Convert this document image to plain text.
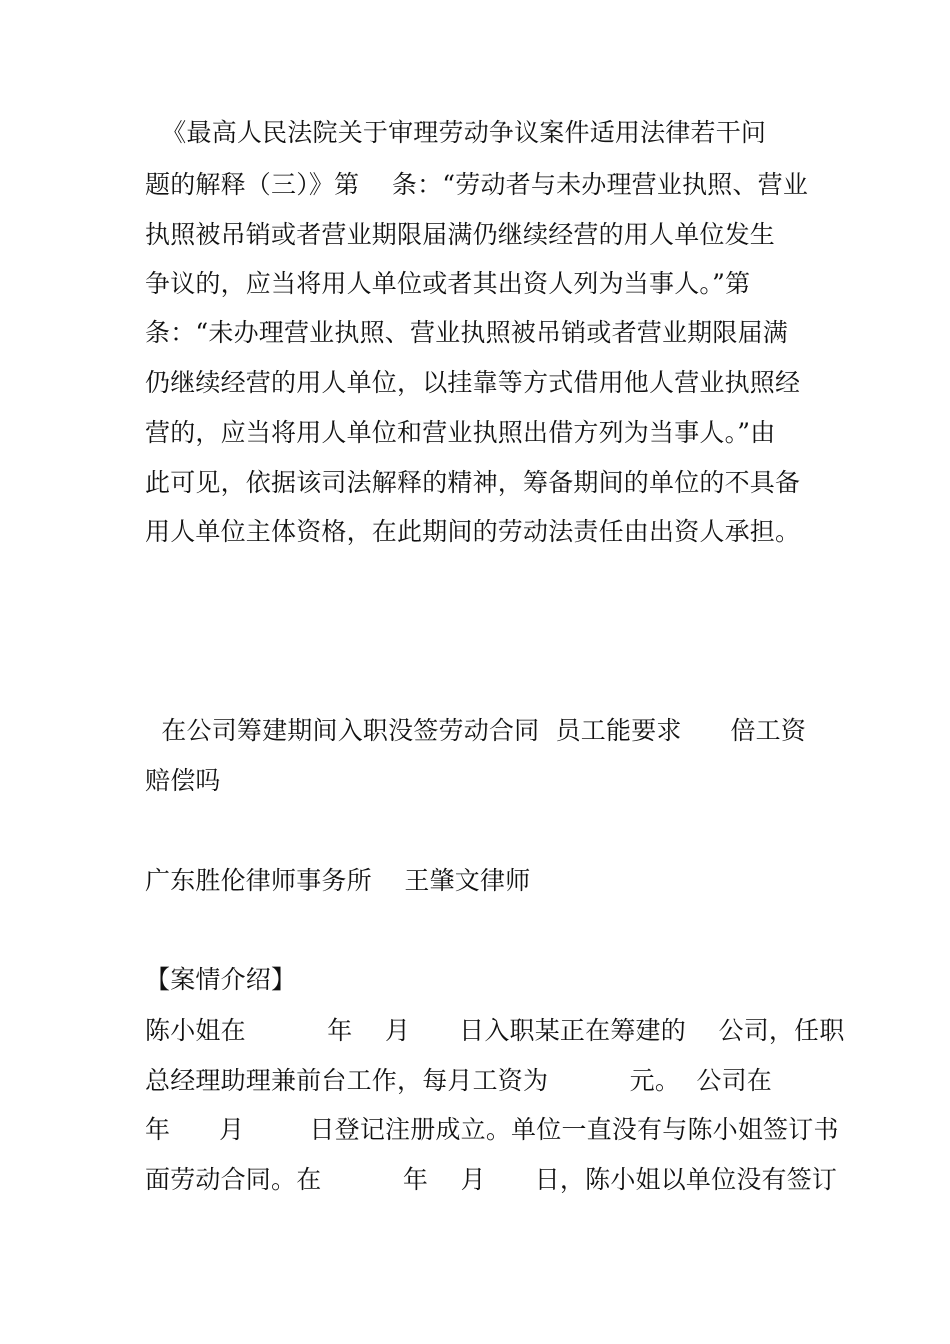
《最高人民法院关于审理劳动争议案件适用法律若干问
题的解释（三）》第    条：“劳动者与未办理营业执照、营业
执照被吊销或者营业期限届满仍继续经营的用人单位发生
争议的，应当将用人单位或者其出资人列为当事人。”第
条：“未办理营业执照、营业执照被吊销或者营业期限届满
仍继续经营的用人单位，以挂靠等方式借用他人营业执照经
营的，应当将用人单位和营业执照出借方列为当事人。”由
此可见，依据该司法解释的精神，筹备期间的单位的不具备
用人单位主体资格，在此期间的劳动法责任由出资人承担。
在公司筹建期间入职没签劳动合同  员工能要求      倍工资
赔偿吗
广东胜伦律师事务所    王肇文律师
【案情介绍】
陈小姐在          年    月      日入职某正在筹建的    公司，任职
总经理助理兼前台工作，每月工资为          元。  公司在
年      月        日登记注册成立。单位一直没有与陈小姐签订书
面劳动合同。在          年    月      日，陈小姐以单位没有签订
